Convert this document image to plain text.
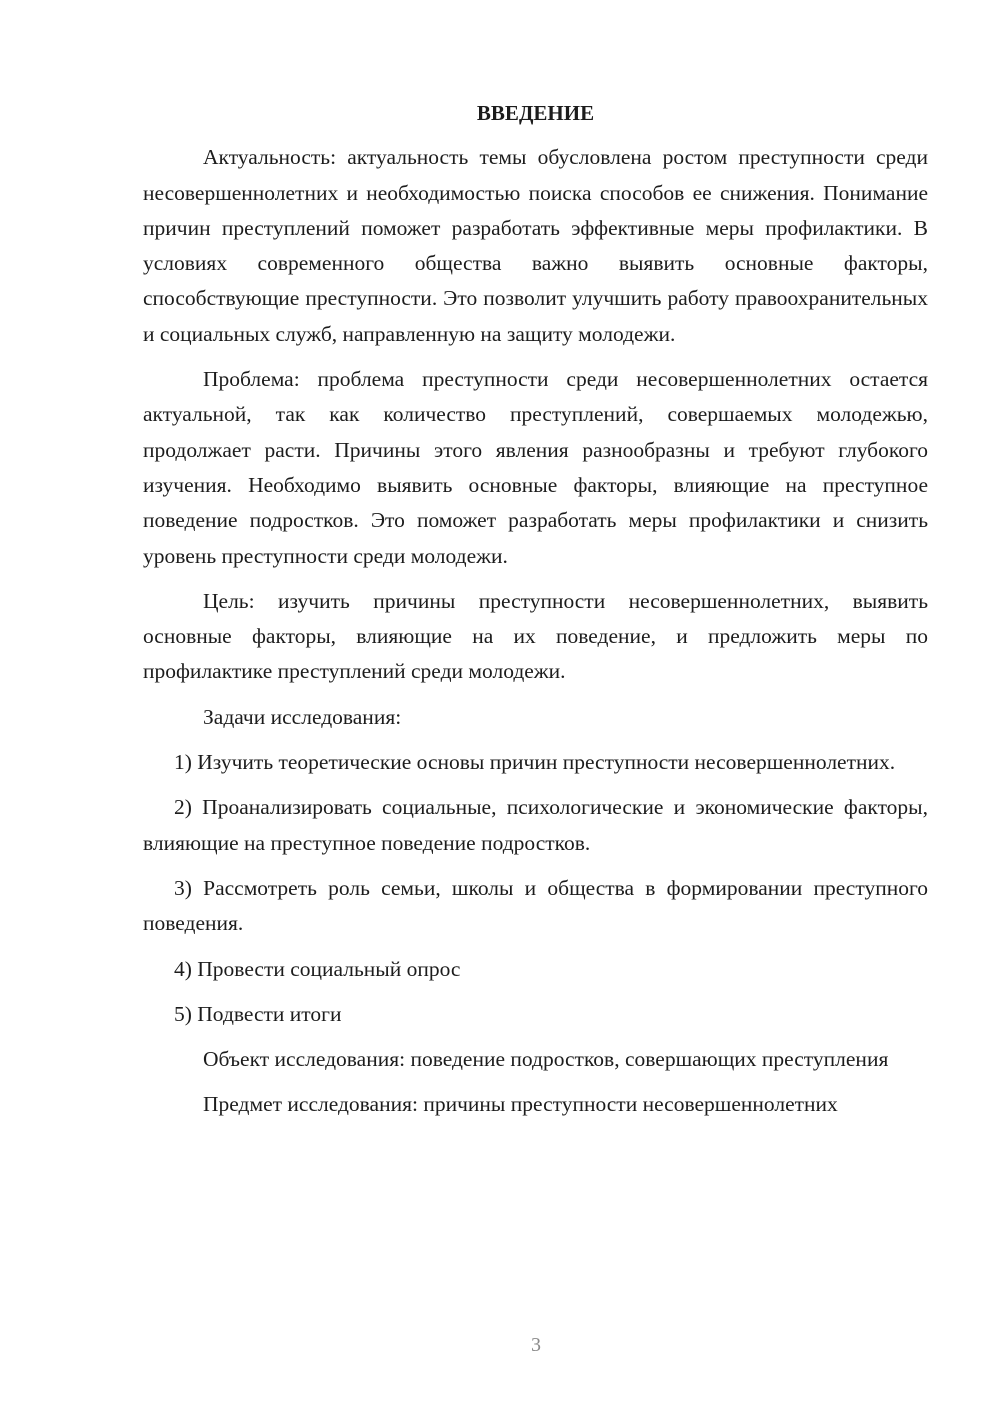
ВВЕДЕНИЕ

Актуальность: актуальность темы обусловлена ростом преступности среди несовершеннолетних и необходимостью поиска способов ее снижения. Понимание причин преступлений поможет разработать эффективные меры профилактики. В условиях современного общества важно выявить основные факторы, способствующие преступности. Это позволит улучшить работу правоохранительных и социальных служб, направленную на защиту молодежи.

Проблема: проблема преступности среди несовершеннолетних остается актуальной, так как количество преступлений, совершаемых молодежью, продолжает расти. Причины этого явления разнообразны и требуют глубокого изучения. Необходимо выявить основные факторы, влияющие на преступное поведение подростков. Это поможет разработать меры профилактики и снизить уровень преступности среди молодежи.

Цель: изучить причины преступности несовершеннолетних, выявить основные факторы, влияющие на их поведение, и предложить меры по профилактике преступлений среди молодежи.

Задачи исследования:

1) Изучить теоретические основы причин преступности несовершеннолетних.

2) Проанализировать социальные, психологические и экономические факторы, влияющие на преступное поведение подростков.

3) Рассмотреть роль семьи, школы и общества в формировании преступного поведения.

4) Провести социальный опрос

5) Подвести итоги

Объект исследования: поведение подростков, совершающих преступления

Предмет исследования: причины преступности несовершеннолетних

3
